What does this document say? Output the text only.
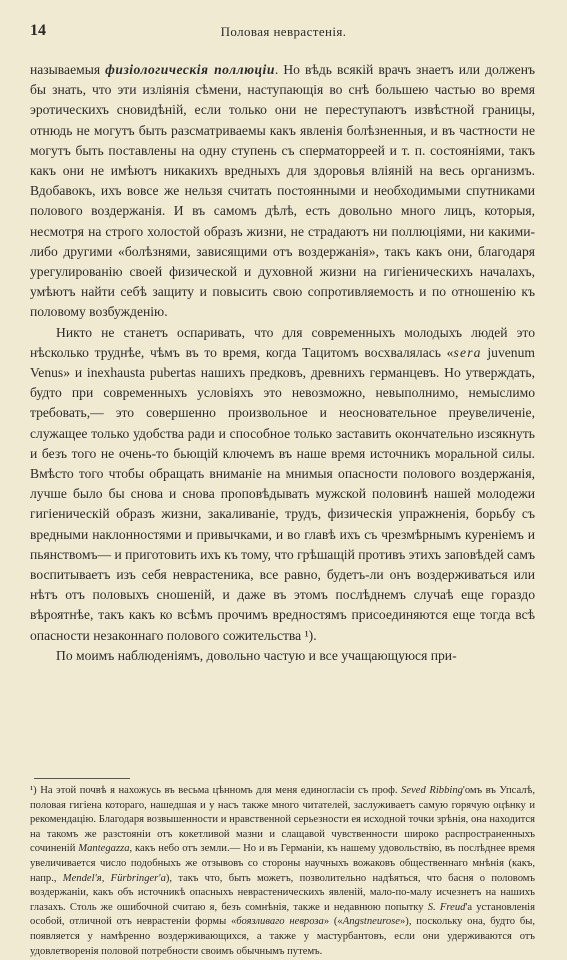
14	Половая неврастенія.

называемыя физіологическія поллюціи. Но вѣдь всякій врачъ знаетъ или долженъ бы знать, что эти изліянія сѣмени, наступающія во снѣ большею частью во время эротическихъ сновидѣній, если только они не переступаютъ извѣстной границы, отнюдь не могутъ быть разсматриваемы какъ явленія болѣзненныя, и въ частности не могутъ быть поставлены на одну ступень съ сперматорреей и т. п. состояніями, такъ какъ они не имѣютъ никакихъ вредныхъ для здоровья вліяній на весь организмъ. Вдобавокъ, ихъ вовсе же нельзя считать постоянными и необходимыми спутниками полового воздержанія. И въ самомъ дѣлѣ, есть довольно много лицъ, которыя, несмотря на строго холостой образъ жизни, не страдаютъ ни поллюціями, ни какими-либо другими «болѣзнями, зависящими отъ воздержанія», такъ какъ они, благодаря урегулированію своей физической и духовной жизни на гигіеническихъ началахъ, умѣютъ найти себѣ защиту и повысить свою сопротивляемость и по отношенію къ половому возбужденію.

Никто не станетъ оспаривать, что для современныхъ молодыхъ людей это нѣсколько труднѣе, чѣмъ въ то время, когда Тацитомъ восхвалялась «sera juvenum Venus» и inexhausta pubertas нашихъ предковъ, древнихъ германцевъ. Но утверждать, будто при современныхъ условіяхъ это невозможно, невыполнимо, немыслимо требовать,— это совершенно произвольное и неосновательное преувеличеніе, служащее только удобства ради и способное только заставить окончательно изсякнуть и безъ того не очень-то бьющій ключемъ въ наше время источникъ моральной силы. Вмѣсто того чтобы обращать вниманіе на мнимыя опасности полового воздержанія, лучше было бы снова и снова проповѣдывать мужской половинѣ нашей молодежи гигіеническій образъ жизни, закаливаніе, трудъ, физическія упражненія, борьбу съ вредными наклонностями и привычками, и во главѣ ихъ съ чрезмѣрнымъ куреніемъ и пьянствомъ— и приготовить ихъ къ тому, что грѣшащій противъ этихъ заповѣдей самъ воспитываетъ изъ себя неврастеника, все равно, будетъ-ли онъ воздерживаться или нѣтъ отъ половыхъ сношеній, и даже въ этомъ послѣднемъ случаѣ еще гораздо вѣроятнѣе, такъ какъ ко всѣмъ прочимъ вредностямъ присоединяются еще тогда всѣ опасности незаконнаго полового сожительства ¹).

По моимъ наблюденіямъ, довольно частую и все учащающуюся при-

¹) На этой почвѣ я нахожусь въ весьма цѣнномъ для меня единогласіи съ проф. Seved Ribbing'омъ въ Упсалѣ, половая гигіена котораго, нашедшая и у насъ также много читателей, заслуживаетъ самую горячую оцѣнку и рекомендацію. Благодаря возвышенности и нравственной серьезности ея исходной точки зрѣнія, она находится на такомъ же разстояніи отъ кокетливой мазни и слащавой чувственности широко распространенныхъ сочиненій Mantegazza, какъ небо отъ земли.— Но и въ Германіи, къ нашему удовольствію, въ послѣднее время увеличивается число подобныхъ же отзывовъ со стороны научныхъ вожаковъ общественнаго мнѣнія (какъ, напр., Mendel'я, Fürbringer'а), такъ что, быть можетъ, позволительно надѣяться, что басня о половомъ воздержаніи, какъ объ источникѣ опасныхъ неврастеническихъ явленій, мало-по-малу исчезнетъ на нашихъ глазахъ. Столь же ошибочной считаю я, безъ сомнѣнія, также и недавнюю попытку S. Freud'а установленія особой, отличной отъ неврастеніи формы «боязливаго невроза» («Angstneurose»), поскольку она, будто бы, появляется у намѣренно воздерживающихся, а также у мастурбантовъ, если они удерживаются отъ удовлетворенія половой потребности своимъ обычнымъ путемъ.
